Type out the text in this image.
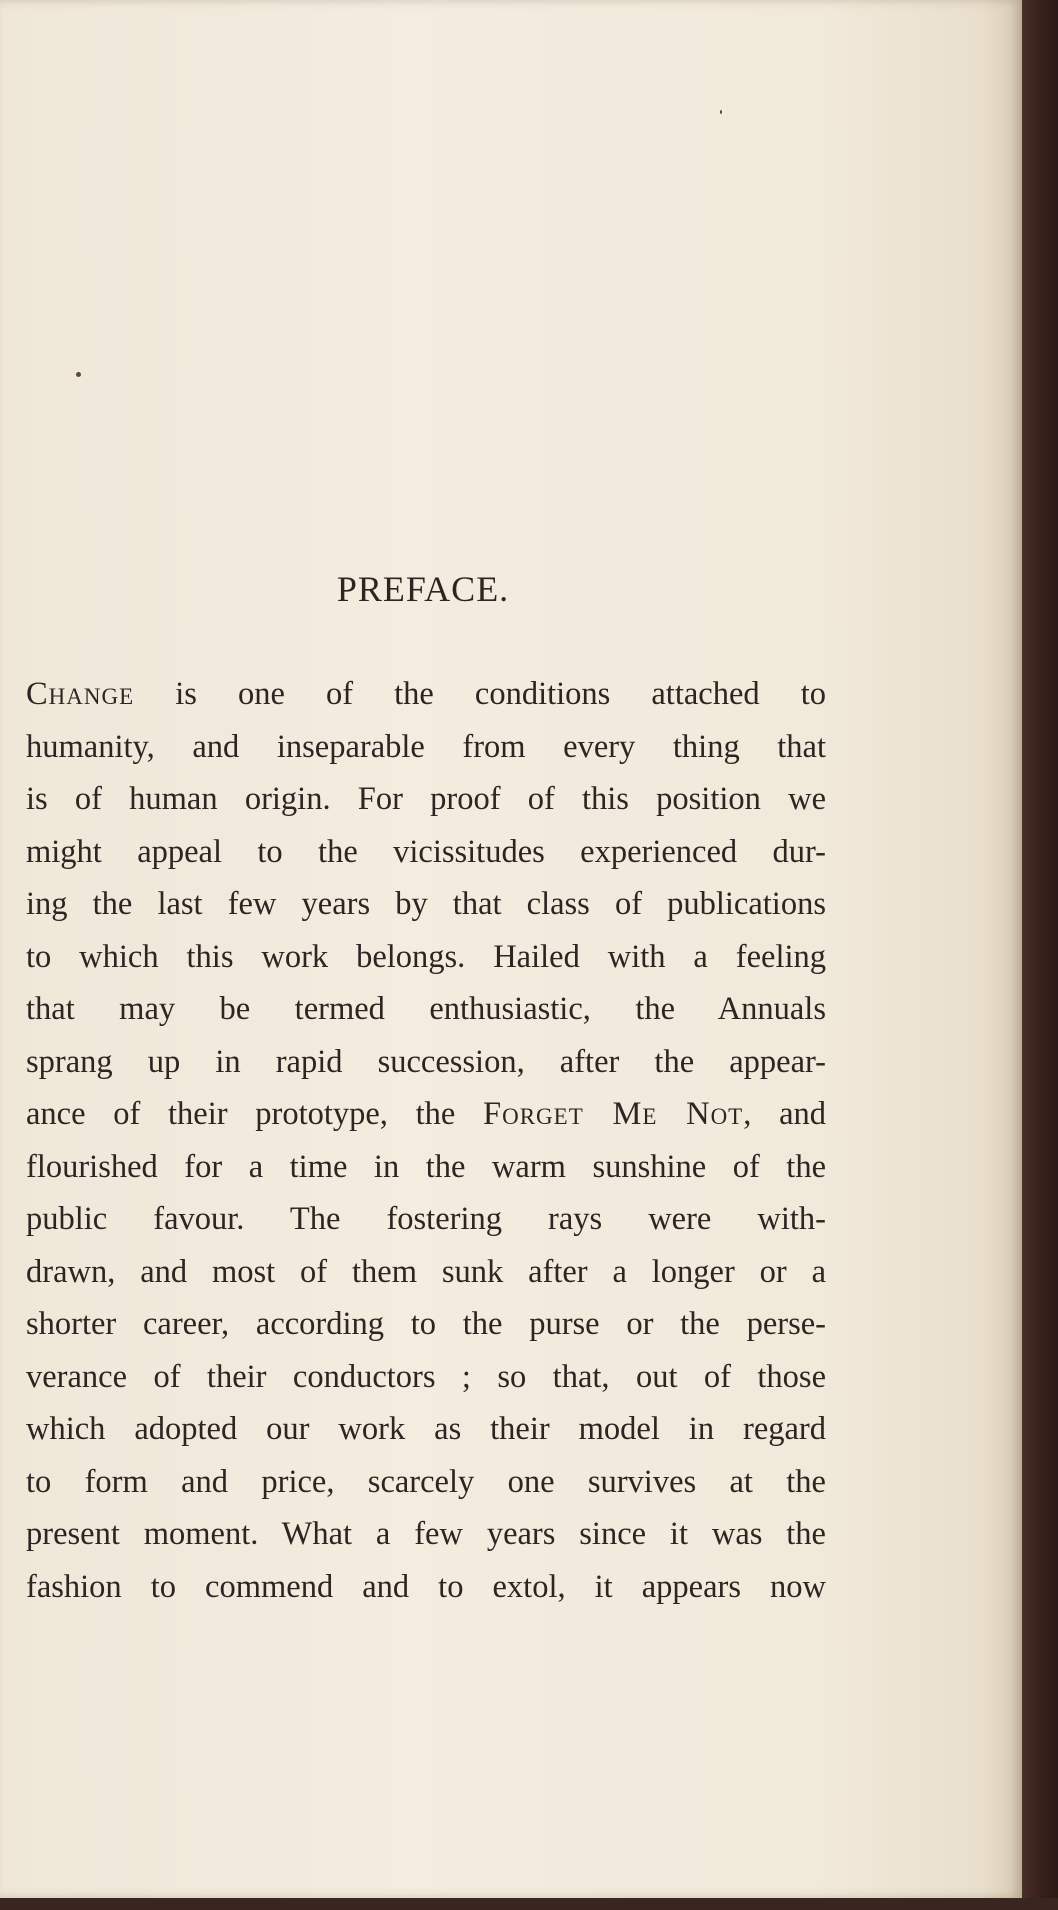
PREFACE.
Change is one of the conditions attached to
humanity, and inseparable from every thing that
is of human origin. For proof of this position we
might appeal to the vicissitudes experienced dur-
ing the last few years by that class of publications
to which this work belongs. Hailed with a feeling
that may be termed enthusiastic, the Annuals
sprang up in rapid succession, after the appear-
ance of their prototype, the Forget Me Not, and
flourished for a time in the warm sunshine of the
public favour. The fostering rays were with-
drawn, and most of them sunk after a longer or a
shorter career, according to the purse or the perse-
verance of their conductors ; so that, out of those
which adopted our work as their model in regard
to form and price, scarcely one survives at the
present moment. What a few years since it was the
fashion to commend and to extol, it appears now
